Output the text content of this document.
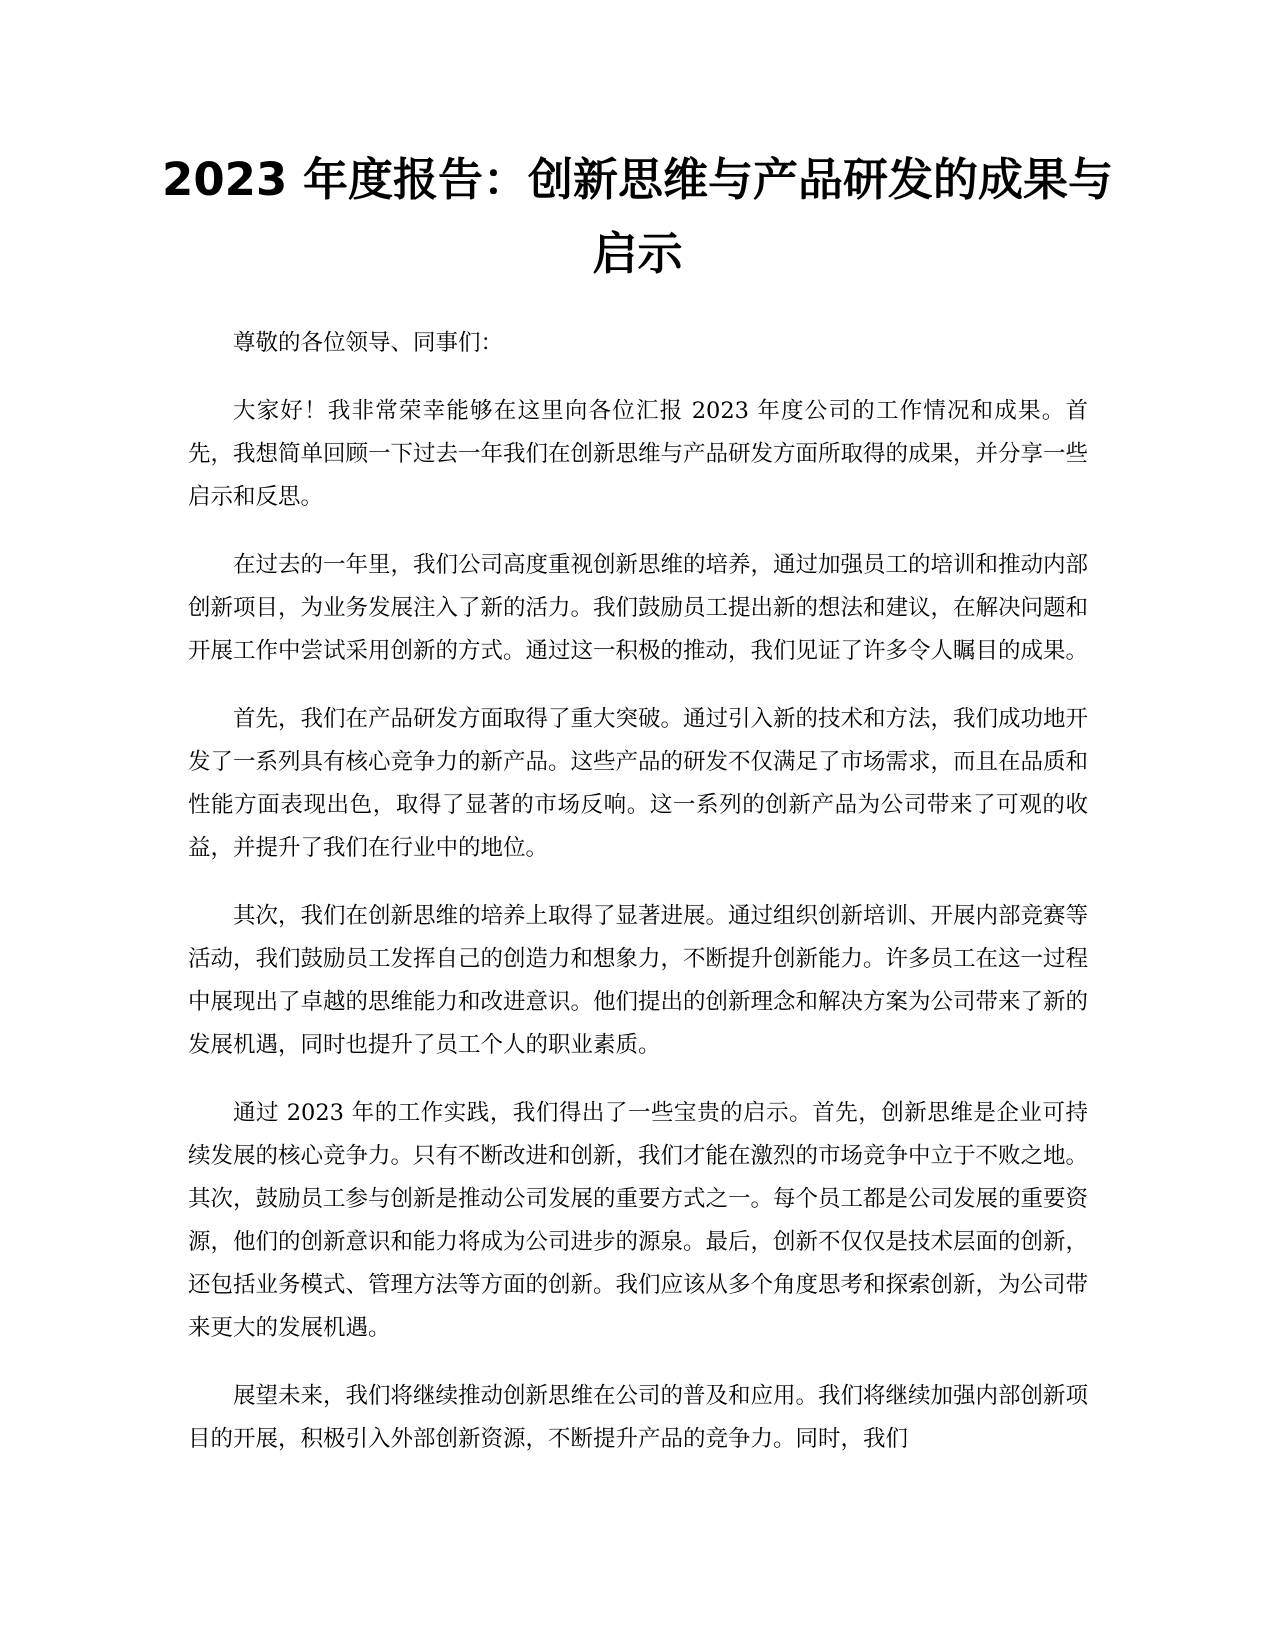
2023 年度报告：创新思维与产品研发的成果与启示

尊敬的各位领导、同事们：

大家好！我非常荣幸能够在这里向各位汇报 2023 年度公司的工作情况和成果。首先，我想简单回顾一下过去一年我们在创新思维与产品研发方面所取得的成果，并分享一些启示和反思。

在过去的一年里，我们公司高度重视创新思维的培养，通过加强员工的培训和推动内部创新项目，为业务发展注入了新的活力。我们鼓励员工提出新的想法和建议，在解决问题和开展工作中尝试采用创新的方式。通过这一积极的推动，我们见证了许多令人瞩目的成果。

首先，我们在产品研发方面取得了重大突破。通过引入新的技术和方法，我们成功地开发了一系列具有核心竞争力的新产品。这些产品的研发不仅满足了市场需求，而且在品质和性能方面表现出色，取得了显著的市场反响。这一系列的创新产品为公司带来了可观的收益，并提升了我们在行业中的地位。

其次，我们在创新思维的培养上取得了显著进展。通过组织创新培训、开展内部竞赛等活动，我们鼓励员工发挥自己的创造力和想象力，不断提升创新能力。许多员工在这一过程中展现出了卓越的思维能力和改进意识。他们提出的创新理念和解决方案为公司带来了新的发展机遇，同时也提升了员工个人的职业素质。

通过 2023 年的工作实践，我们得出了一些宝贵的启示。首先，创新思维是企业可持续发展的核心竞争力。只有不断改进和创新，我们才能在激烈的市场竞争中立于不败之地。其次，鼓励员工参与创新是推动公司发展的重要方式之一。每个员工都是公司发展的重要资源，他们的创新意识和能力将成为公司进步的源泉。最后，创新不仅仅是技术层面的创新，还包括业务模式、管理方法等方面的创新。我们应该从多个角度思考和探索创新，为公司带来更大的发展机遇。

展望未来，我们将继续推动创新思维在公司的普及和应用。我们将继续加强内部创新项目的开展，积极引入外部创新资源，不断提升产品的竞争力。同时，我们
